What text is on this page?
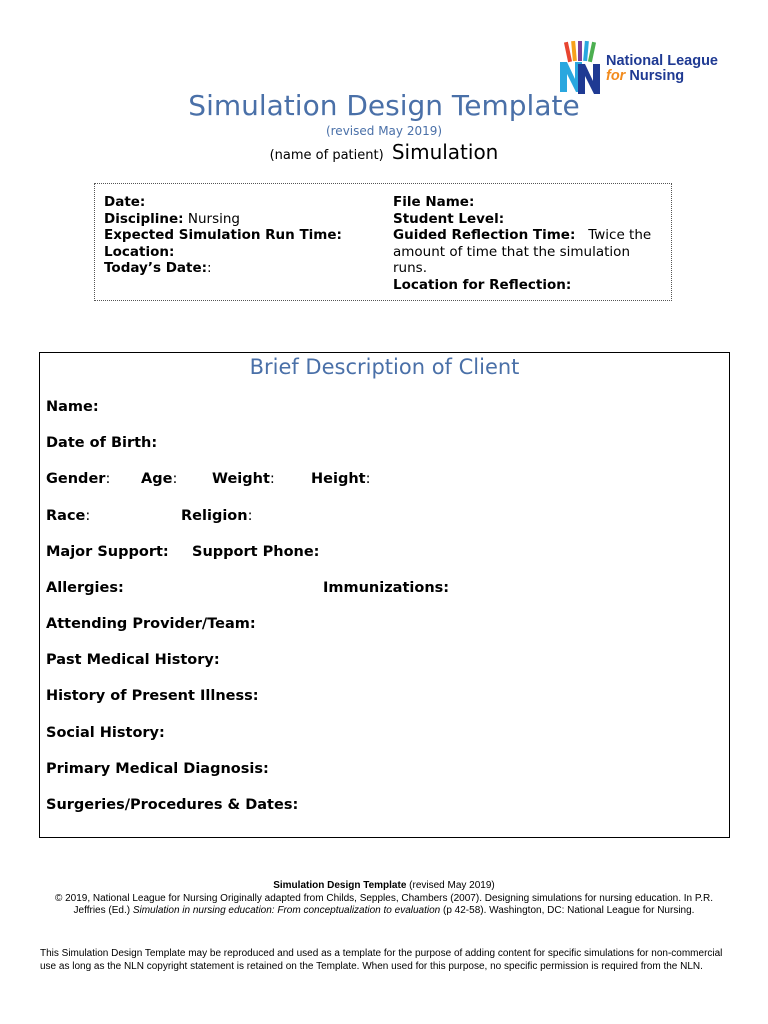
National League
for Nursing
Simulation Design Template
(revised May 2019)
(name of patient) Simulation
Date:
Discipline: Nursing
Expected Simulation Run Time:
Location:
Today’s Date::
File Name:
Student Level:
Guided Reflection Time: Twice the amount of time that the simulation runs.
Location for Reflection:
Brief Description of Client
Name:
Date of Birth:
Gender: Age: Weight: Height:
Race:	Religion:
Major Support: Support Phone:
Allergies:	Immunizations:
Attending Provider/Team:
Past Medical History:
History of Present Illness:
Social History:
Primary Medical Diagnosis:
Surgeries/Procedures & Dates:
Simulation Design Template (revised May 2019)
© 2019, National League for Nursing Originally adapted from Childs, Sepples, Chambers (2007). Designing simulations for nursing education. In P.R. Jeffries (Ed.) Simulation in nursing education: From conceptualization to evaluation (p 42-58). Washington, DC: National League for Nursing.
This Simulation Design Template may be reproduced and used as a template for the purpose of adding content for specific simulations for non-commercial use as long as the NLN copyright statement is retained on the Template. When used for this purpose, no specific permission is required from the NLN.
